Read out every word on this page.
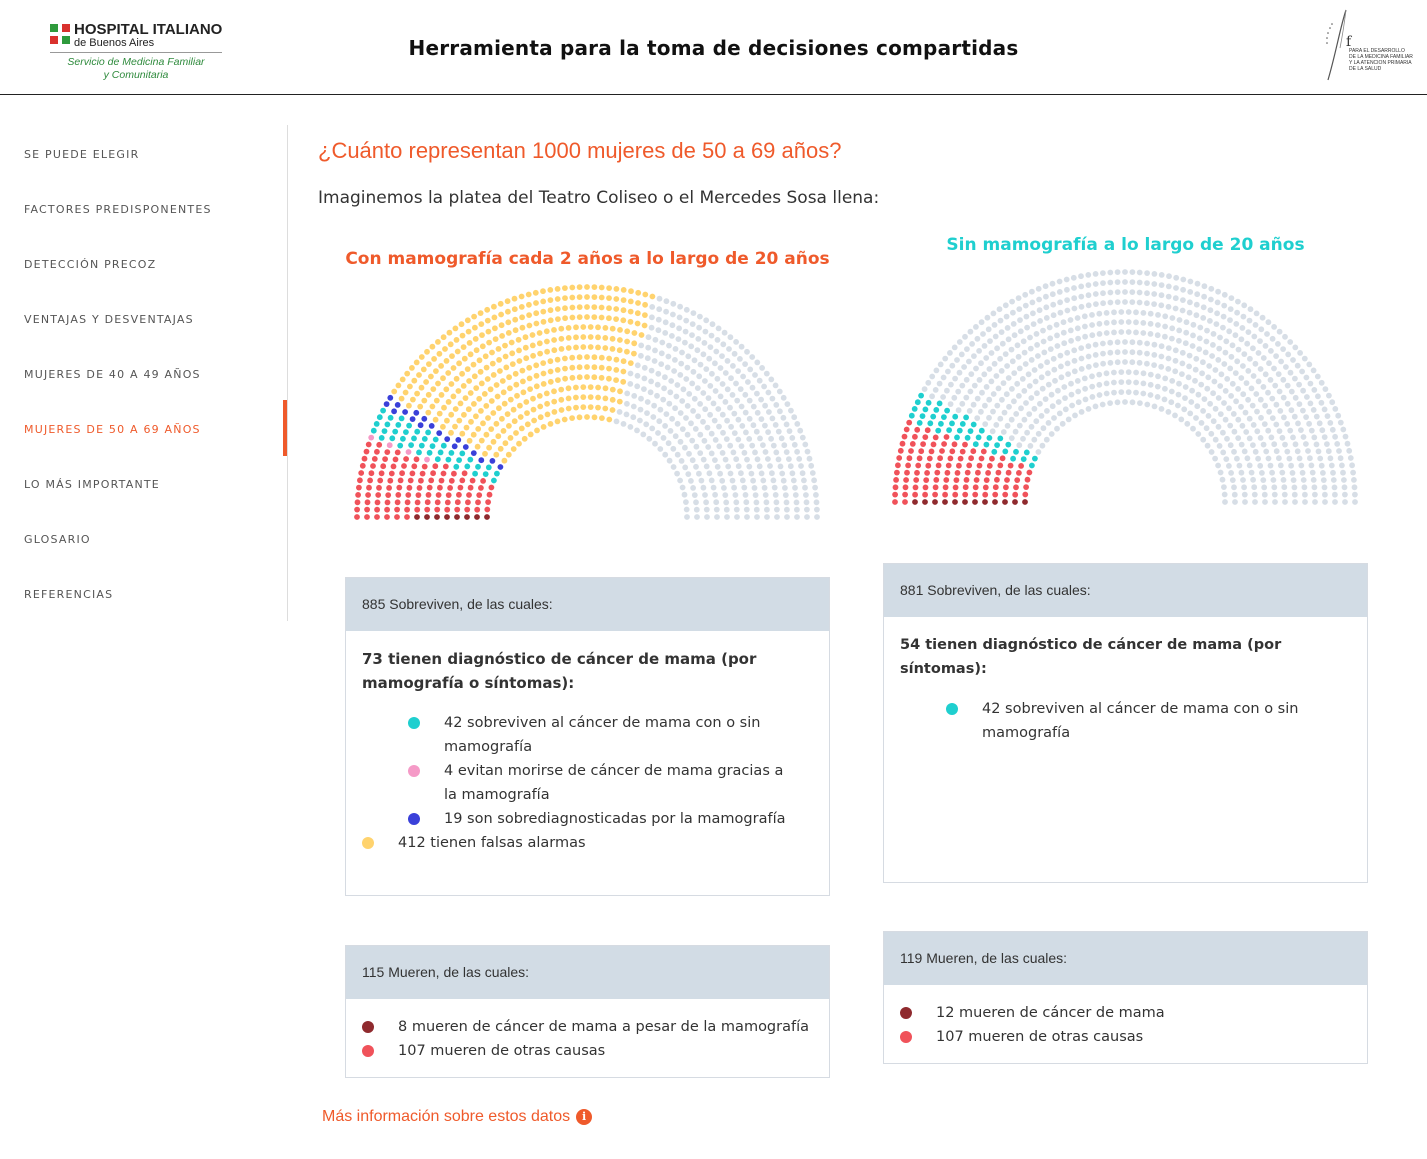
HOSPITAL ITALIANO
de Buenos Aires
Servicio de Medicina Familiar
y Comunitaria
Herramienta para la toma de decisiones compartidas	f
PARA EL DESARROLLO
DE LA MEDICINA FAMILIAR
Y LA ATENCION PRIMARIA
DE LA SALUD
SE PUEDE ELEGIR
FACTORES PREDISPONENTES
DETECCIÓN PRECOZ
VENTAJAS Y DESVENTAJAS
MUJERES DE 40 A 49 AÑOS
MUJERES DE 50 A 69 AÑOS
LO MÁS IMPORTANTE
GLOSARIO
REFERENCIAS
¿Cuánto representan 1000 mujeres de 50 a 69 años?
Imaginemos la platea del Teatro Coliseo o el Mercedes Sosa llena:
Con mamografía cada 2 años a lo largo de 20 años
Sin mamografía a lo largo de 20 años
885 Sobreviven, de las cuales:
73 tienen diagnóstico de cáncer de mama (por mamografía o síntomas):
42 sobreviven al cáncer de mama con o sin mamografía
4 evitan morirse de cáncer de mama gracias a la mamografía
19 son sobrediagnosticadas por la mamografía
412 tienen falsas alarmas
881 Sobreviven, de las cuales:
54 tienen diagnóstico de cáncer de mama (por síntomas):
42 sobreviven al cáncer de mama con o sin mamografía
115 Mueren, de las cuales:
8 mueren de cáncer de mama a pesar de la mamografía
107 mueren de otras causas
119 Mueren, de las cuales:
12 mueren de cáncer de mama
107 mueren de otras causas
Más información sobre estos datos	i
